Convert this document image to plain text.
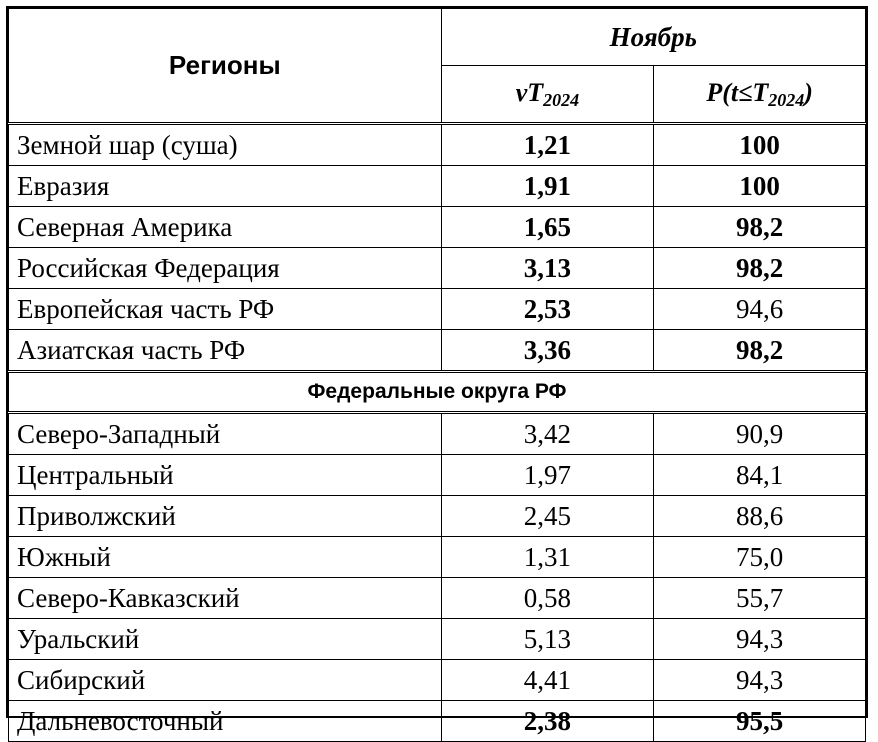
Регионы	Ноябрь	
	$vT_{2024}$	$P(t\le T_{2024})$
Земной шар (суша)	1,21	100
Евразия	1,91	100
Северная Америка	1,65	98,2
Российская Федерация	3,13	98,2
Европейская часть РФ	2,53	94,6
Азиатская часть РФ	3,36	98,2
Федеральные округа РФ		
Северо-Западный	3,42	90,9
Центральный	1,97	84,1
Приволжский	2,45	88,6
Южный	1,31	75,0
Северо-Кавказский	0,58	55,7
Уральский	5,13	94,3
Сибирский	4,41	94,3
Дальневосточный	2,38	95,5
